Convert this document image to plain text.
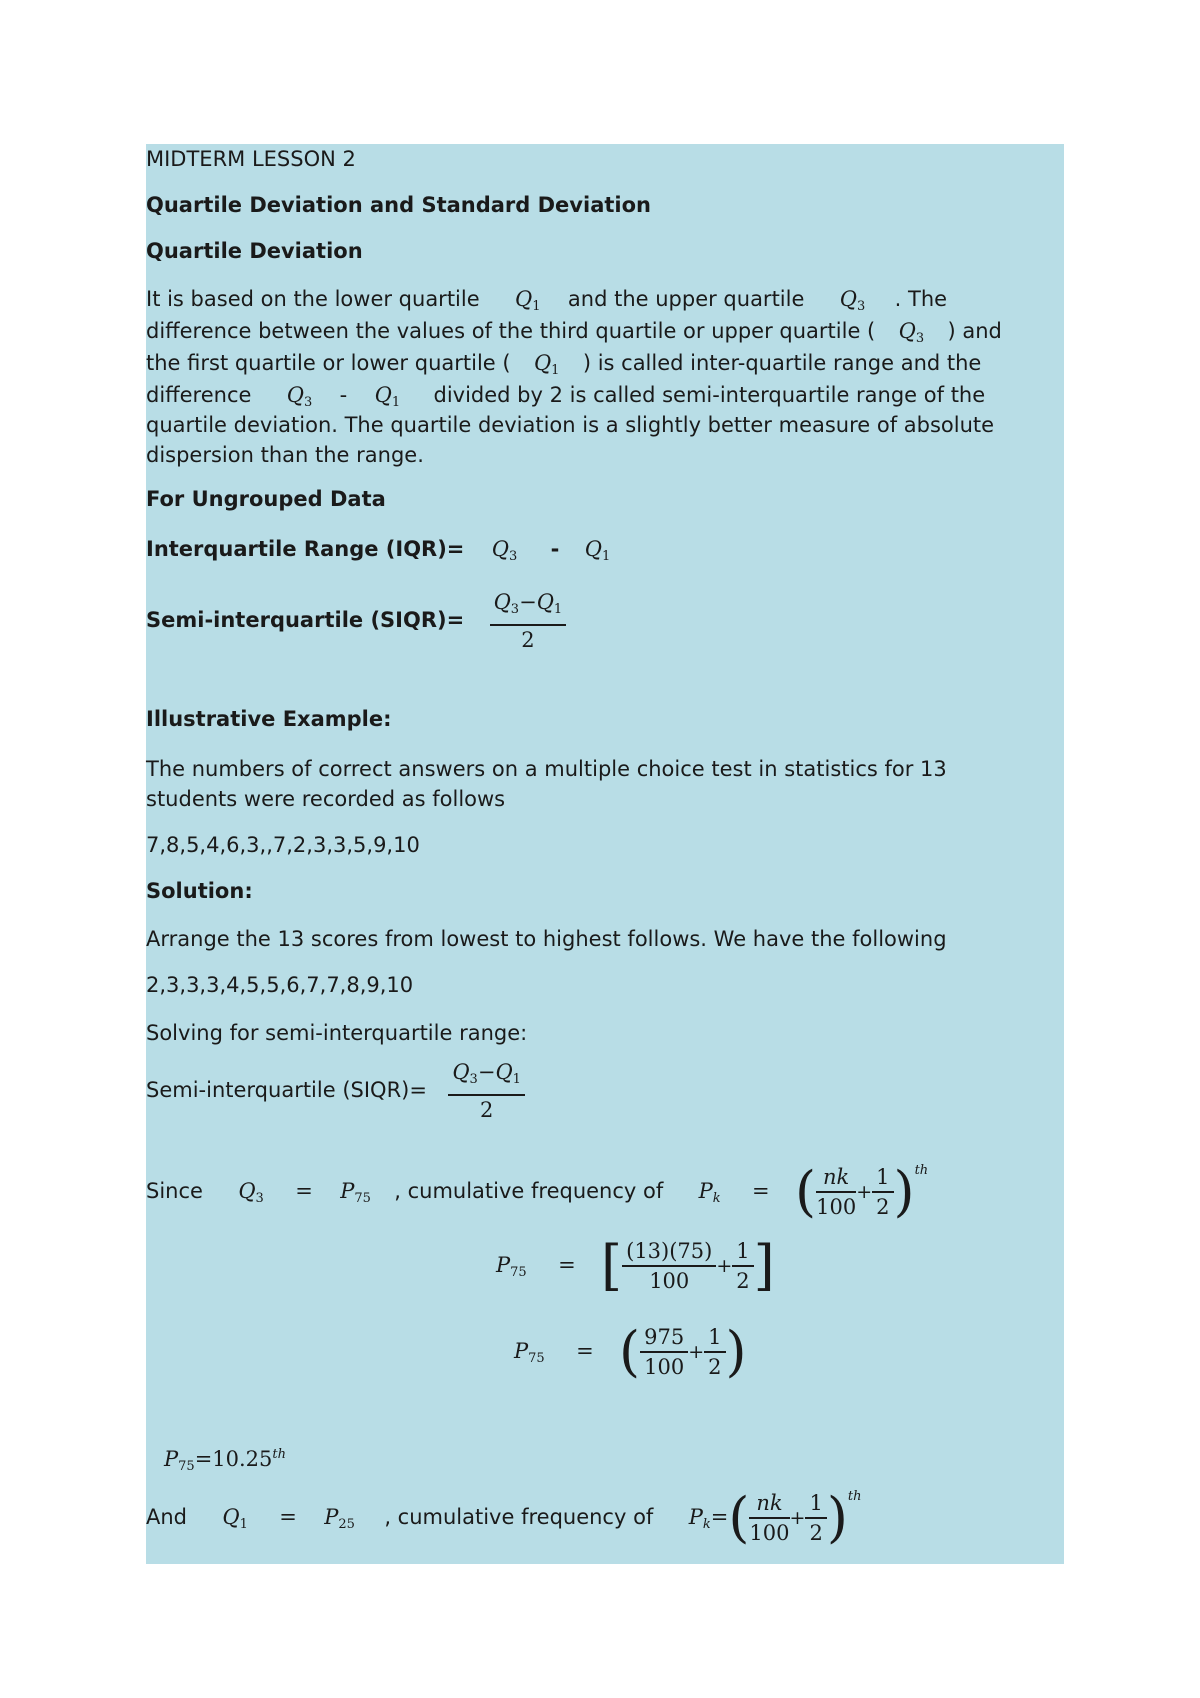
MIDTERM LESSON 2
Quartile Deviation and Standard Deviation
Quartile Deviation
It is based on the lower quartile $Q_1$ and the upper quartile $Q_3$ . The
difference between the values of the third quartile or upper quartile ( $Q_3$ ) and
the first quartile or lower quartile ( $Q_1$ ) is called inter-quartile range and the
difference $Q_3 - Q_1$ divided by 2 is called semi-interquartile range of the
quartile deviation. The quartile deviation is a slightly better measure of absolute
dispersion than the range.
For Ungrouped Data
Interquartile Range $(IQR)= Q_3 - Q_1$
Semi-interquartile (SIQR)= $\frac{Q_3-Q_1}{2}$
Illustrative Example:
The numbers of correct answers on a multiple choice test in statistics for 13
students were recorded as follows
7,8,5,4,6,3,,7,2,3,3,5,9,10
Solution:
Arrange the 13 scores from lowest to highest follows. We have the following
2,3,3,3,4,5,5,6,7,7,8,9,10
Solving for semi-interquartile range:
Semi-interquartile (SIQR)= $\frac{Q_3-Q_1}{2}$
Since $Q_3 = P_{75}$ , cumulative frequency of $P_k$ = ( $\frac{nk}{100} + \frac{1}{2} )^{th}$
$P_{75}$ = [ $\frac{(13)(75)}{100} + \frac{1}{2}$ ]
$P_{75}$ = ( $\frac{975}{100} + \frac{1}{2}$ )
$P_{75}=10.25th$
And $Q_1 = P_{25}$ , cumulative frequency of $P_k=( \frac{nk}{100} + \frac{1}{2} )^{th}$
